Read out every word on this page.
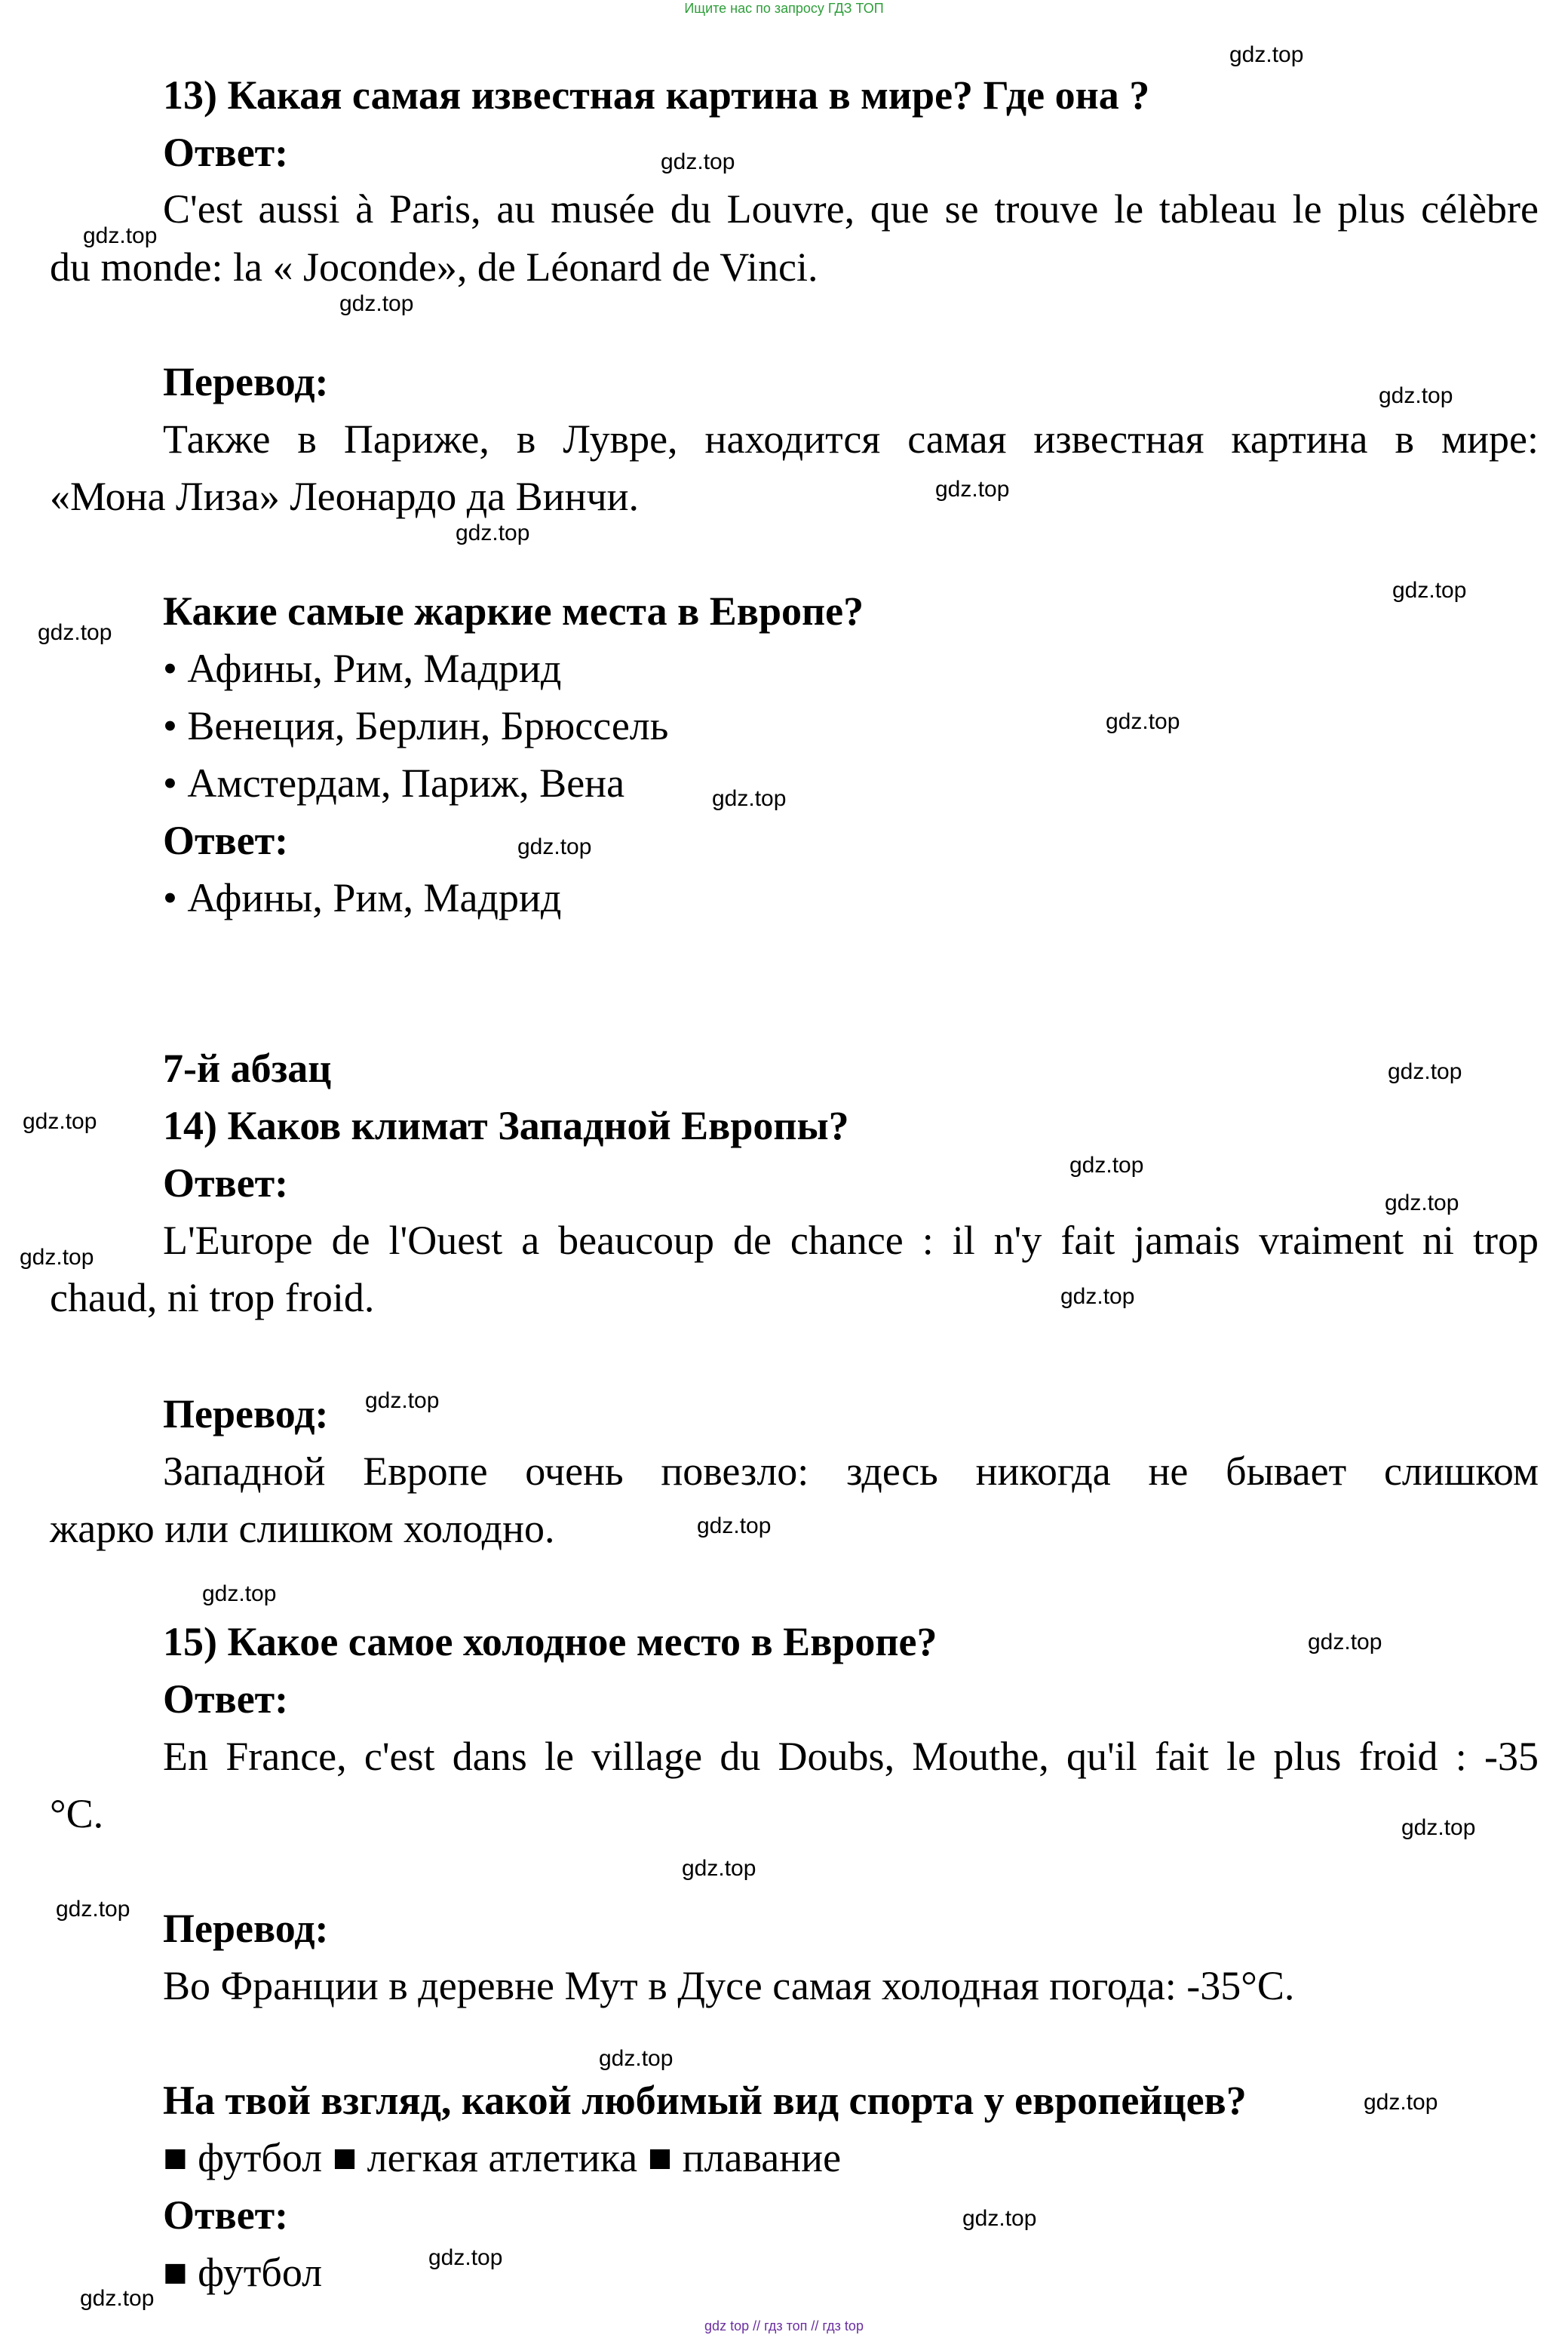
Ищите нас по запросу ГДЗ ТОП
13) Какая самая известная картина в мире? Где она ?
Ответ:
C'est aussi à Paris, au musée du Louvre, que se trouve le tableau le plus célèbre
du monde: la « Joconde», de Léonard de Vinci.
Перевод:
Также в Париже, в Лувре, находится самая известная картина в мире:
«Мона Лиза» Леонардо да Винчи.
Какие самые жаркие места в Европе?
• Афины, Рим, Мадрид
• Венеция, Берлин, Брюссель
• Амстердам, Париж, Вена
Ответ:
• Афины, Рим, Мадрид
7-й абзац
14) Каков климат Западной Европы?
Ответ:
L'Europe de l'Ouest a beaucoup de chance : il n'y fait jamais vraiment ni trop
chaud, ni trop froid.
Перевод:
Западной Европе очень повезло: здесь никогда не бывает слишком
жарко или слишком холодно.
15) Какое самое холодное место в Европе?
Ответ:
En France, c'est dans le village du Doubs, Mouthe, qu'il fait le plus froid : -35
°C.
Перевод:
Во Франции в деревне Мут в Дусе самая холодная погода: -35°C.
На твой взгляд, какой любимый вид спорта у европейцев?
■ футбол ■ легкая атлетика ■ плавание
Ответ:
■ футбол
gdz.top
gdz.top
gdz.top
gdz.top
gdz.top
gdz.top
gdz.top
gdz.top
gdz.top
gdz.top
gdz.top
gdz.top
gdz.top
gdz.top
gdz.top
gdz.top
gdz.top
gdz.top
gdz.top
gdz.top
gdz.top
gdz.top
gdz.top
gdz.top
gdz.top
gdz.top
gdz.top
gdz.top
gdz.top
gdz.top
gdz top // гдз топ // гдз top
